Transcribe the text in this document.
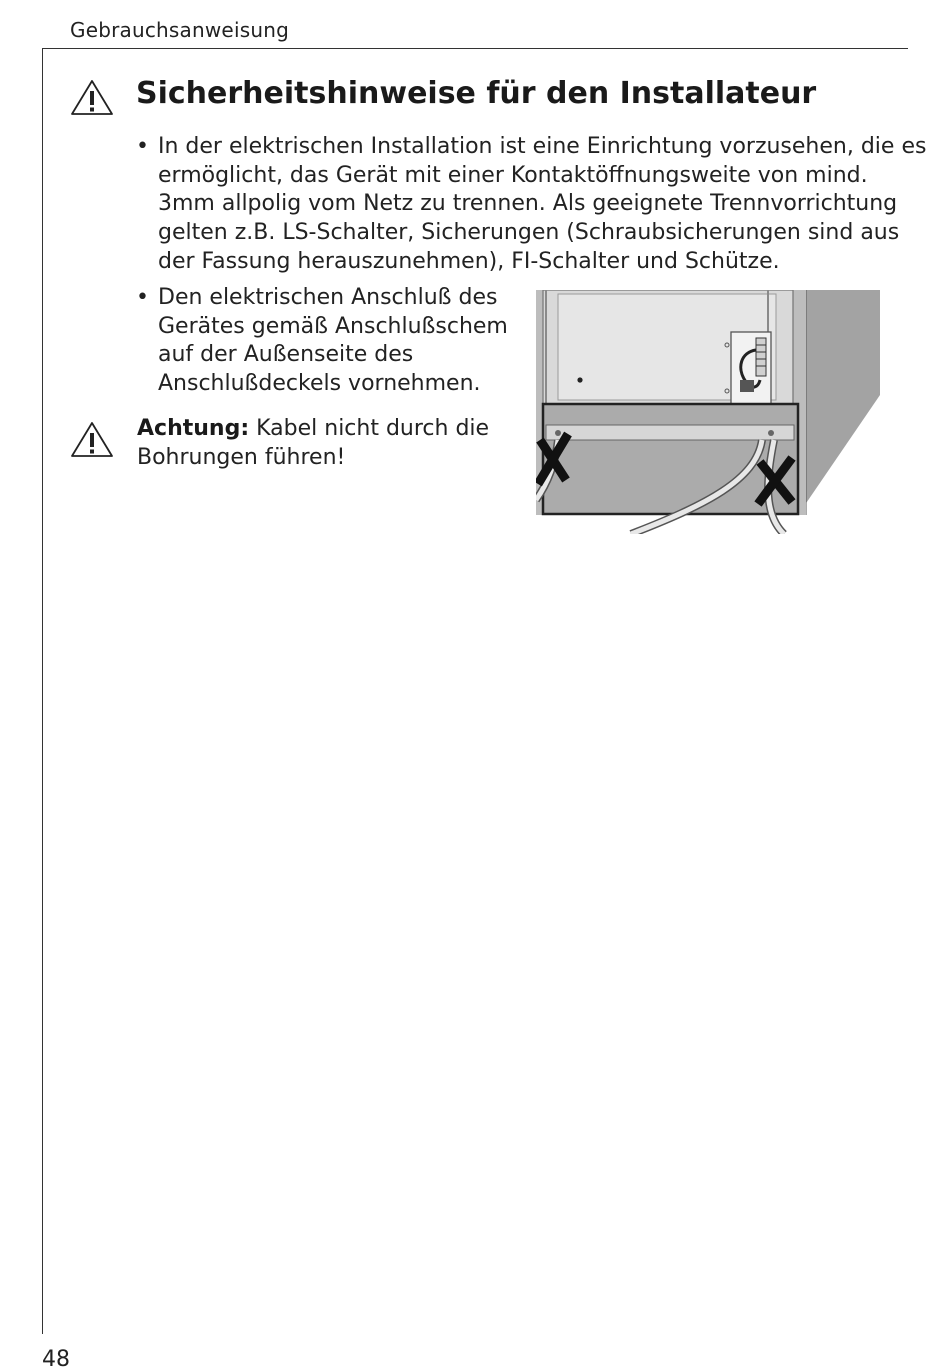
Gebrauchsanweisung
Sicherheitshinweise für den Installateur
• In der elektrischen Installation ist eine Einrichtung vorzusehen, die es
ermöglicht, das Gerät mit einer Kontaktöffnungsweite von mind.
3mm allpolig vom Netz zu trennen. Als geeignete Trennvorrichtung
gelten z.B. LS-Schalter, Sicherungen (Schraubsicherungen sind aus
der Fassung herauszunehmen), FI-Schalter und Schütze.
• Den elektrischen Anschluß des
Gerätes gemäß Anschlußschem
auf der Außenseite des
Anschlußdeckels vornehmen.
Achtung: Kabel nicht durch die
Bohrungen führen!
48
